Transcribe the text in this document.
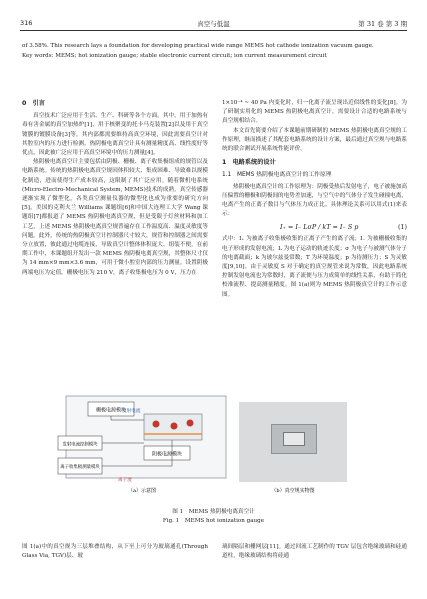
316	真空与低温	第 31 卷 第 3 期
of 3.58%. This research lays a foundation for developing practical wide range MEMS hot cathode ionization vacuum gauge.
Key words: MEMS; hot ionization gauge; stable electronic current circuit; ion current measurement circuit
0　引言

真空技术广泛应用于生活、生产、科研等各个方面。其中，用于加热有毒有害金属的真空加热炉[1]、用于核聚变的托卡马克装置[2]以及用于真空镀膜的镀膜设备[3]等，其内部都需要维持高真空环境，因此需要真空计对其腔室内的压力进行检测。热阴极电离真空计具有测量精度高、线性度好等优点，因此被广泛应用于高真空环境中的压力测量[4]。

热阴极电离真空计主要包括由阴极、栅极、离子收集极组成的规管以及电路系统。传统的热阴极电离真空规因体积较大、集成困难、导致难以规模化制造，进而使得生产成本较高，这限制了其广泛应用。随着微机电系统(Micro-Electro-Mechanical System, MEMS)技术的成熟，真空传感器逐渐实现了微型化，各类真空测量仪器的微型化也成为重要的研究方向[5]。美国的克利夫兰 Williams 课题组[6]和中国大连理工大学 Wang 课题组[7]都报道了 MEMS 热阴极电离真空规，但是受限于灯丝材料和加工工艺，上述 MEMS 热阴极电离真空规普遍存在工作温度高、温度灵敏度等问题。此外，传统的热阴极真空计控制器尺寸较大，规管和控制器之间需要分立放置，彼此通过电缆连接，导致真空计整体体积庞大、组装不便。在前期工作中，本课题组开发出一款 MEMS 热阴极电离真空规，其整体尺寸仅为 14 mm×9 mm×3.6 mm，可用于微小腔室内部的压力测量。设置阴极两端电压为定值，栅极电压为 210 V，离子收集极电压为 0 V，压力在

1×10⁻⁴ ~ 40 Pa 内变化时，归一化离子流呈现出近似线性的变化[8]。为了研制实用化的 MEMS 热阴极电离真空计，需要设计合适的电路系统与真空规相结合。

本文首先简要介绍了本课题前期研制的 MEMS 热阴极电离真空规的工作原理，继而描述了其配套电路系统的设计方案，最后通过真空规与电路系统的联合测试开展系统性能评价。

1　电路系统的设计
1.1　MEMS 热阴极电离真空计的工作原理

热阴极电离真空计的工作原理为：阴极受热后发射电子，电子被施加高压偏置的栅极和阴极间的电势差加速，与空气中的气体分子发生碰撞电离，电离产生的正离子数目与气体压力成正比。具体理论关系可以用式(1)来表示：

I₊ = I₋ LσP / kT = I₋ S p	(1)

式中：I₊ 为被离子收集极收集的正离子产生的离子流；I₋ 为被栅极收集的电子形成的发射电流；L 为电子运动的轨迹长度；σ 为电子与被测气体分子的电离截面；k 为玻尔兹曼常数；T 为环境温度；p 为待测压力；S 为灵敏度[9,10]。由于灵敏度 S 对于确定的真空规管来说为常数，因此电路系统控制发射电流也为常数时，离子流便与压力成简单的线性关系，有助于简化校准流程、提高测量精度。图 1(a)则为 MEMS 热阴极真空计的工作示意图。

栅极电源模块
发射电流控制模块
离子收集极测量模块
阴极电源模块
发射电流
离子流
（a）示意图	（b）真空规实物图
图 1　MEMS 热阴极电离真空计
Fig. 1　MEMS hot ionization gauge
图 1(a)中的真空规为三层堆叠结构，从下至上可分为玻璃通孔(Through Glass Via, TGV)层、玻
璃间隔层和栅网层[11]。通过回流工艺制作的 TGV 层包含绝缘玻璃和硅通道柱，绝缘玻璃结构将硅通
